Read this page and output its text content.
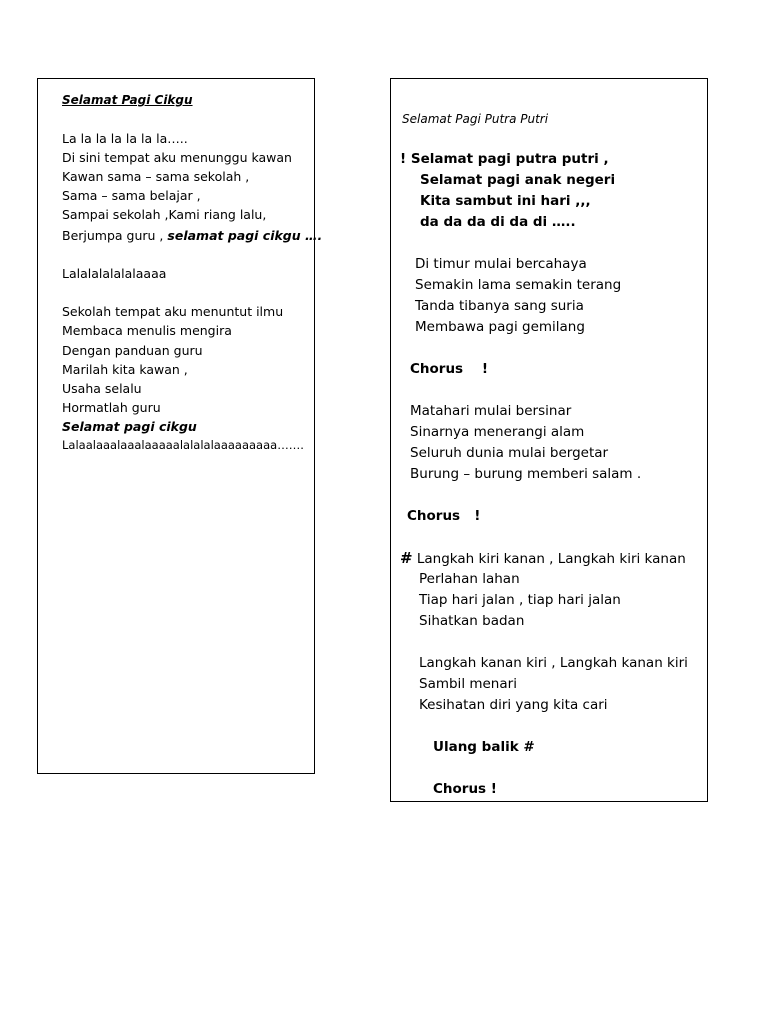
Selamat Pagi Cikgu
La la la la la la la…..
Di sini tempat aku menunggu kawan
Kawan sama – sama sekolah ,
Sama – sama belajar ,
Sampai sekolah ,Kami riang lalu,
Berjumpa guru , selamat pagi cikgu ….
Lalalalalalalaaaa
Sekolah tempat aku menuntut ilmu
Membaca menulis mengira
Dengan panduan guru
Marilah kita kawan ,
Usaha selalu
Hormatlah guru
Selamat pagi cikgu
Lalaalaaalaaalaaaaalalalalaaaaaaaaa…….
Selamat Pagi Putra Putri
! Selamat pagi putra putri ,
Selamat pagi anak negeri
Kita sambut ini hari ,,,
da da da di da di …..
Di timur mulai bercahaya
Semakin lama semakin terang
Tanda tibanya sang suria
Membawa pagi gemilang
Chorus    !
Matahari mulai bersinar
Sinarnya menerangi alam
Seluruh dunia mulai bergetar
Burung – burung memberi salam .
Chorus   !
# Langkah kiri kanan , Langkah kiri kanan
Perlahan lahan
Tiap hari jalan , tiap hari jalan
Sihatkan badan
Langkah kanan kiri , Langkah kanan kiri
Sambil menari
Kesihatan diri yang kita cari
Ulang balik #
Chorus !
